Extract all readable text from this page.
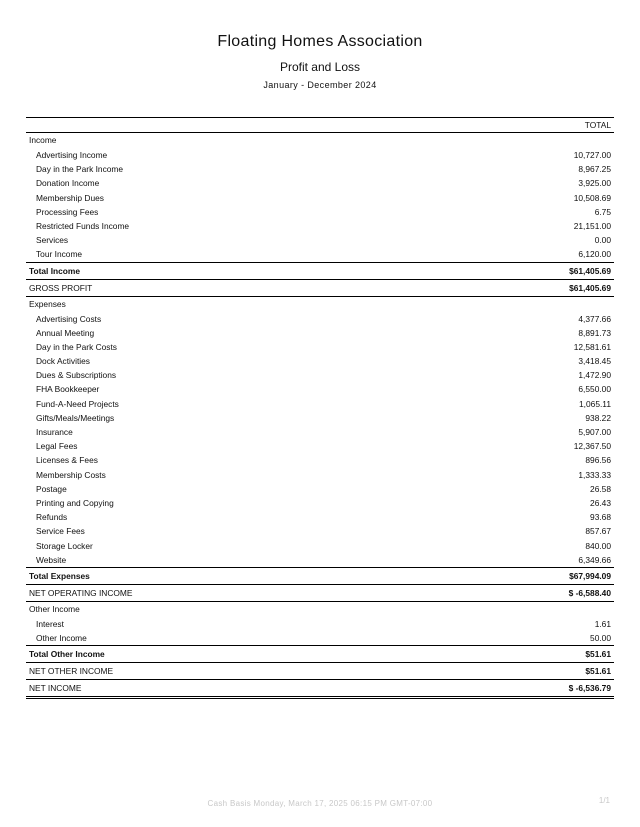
Floating Homes Association
Profit and Loss
January - December 2024
TOTAL
Income
Advertising Income	10,727.00
Day in the Park Income	8,967.25
Donation Income	3,925.00
Membership Dues	10,508.69
Processing Fees	6.75
Restricted Funds Income	21,151.00
Services	0.00
Tour Income	6,120.00
Total Income	$61,405.69
GROSS PROFIT	$61,405.69
Expenses
Advertising Costs	4,377.66
Annual Meeting	8,891.73
Day in the Park Costs	12,581.61
Dock Activities	3,418.45
Dues & Subscriptions	1,472.90
FHA Bookkeeper	6,550.00
Fund-A-Need Projects	1,065.11
Gifts/Meals/Meetings	938.22
Insurance	5,907.00
Legal Fees	12,367.50
Licenses & Fees	896.56
Membership Costs	1,333.33
Postage	26.58
Printing and Copying	26.43
Refunds	93.68
Service Fees	857.67
Storage Locker	840.00
Website	6,349.66
Total Expenses	$67,994.09
NET OPERATING INCOME	$ -6,588.40
Other Income
Interest	1.61
Other Income	50.00
Total Other Income	$51.61
NET OTHER INCOME	$51.61
NET INCOME	$ -6,536.79
Cash Basis Monday, March 17, 2025 06:15 PM GMT-07:00	1/1
